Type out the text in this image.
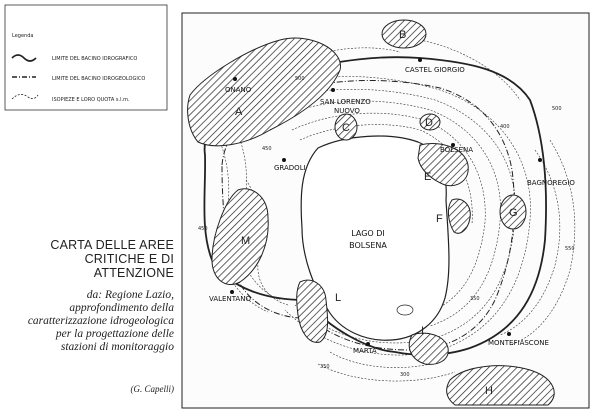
Legenda
LIMITE DEL BACINO IDROGRAFICO
LIMITE DEL BACINO IDROGEOLOGICO
ISOPIEZE E LORO QUOTA s.l.m.
LAGO DI
BOLSENA
A
B
C	D
E
F	G
M
L
I
H
ONANO
CASTEL GIORGIO
SAN LORENZO
NUOVO
GRADOLI
BOLSENA
BAGNOREGIO
VALENTANO
MARTA
MONTEFIASCONE
500
450
400
350
300
500
550
450
350
CARTA DELLE AREE CRITICHE E DI ATTENZIONE
da: Regione Lazio, approfondimento della caratterizzazione idrogeologica per la progettazione delle stazioni di monitoraggio
(G. Capelli)
